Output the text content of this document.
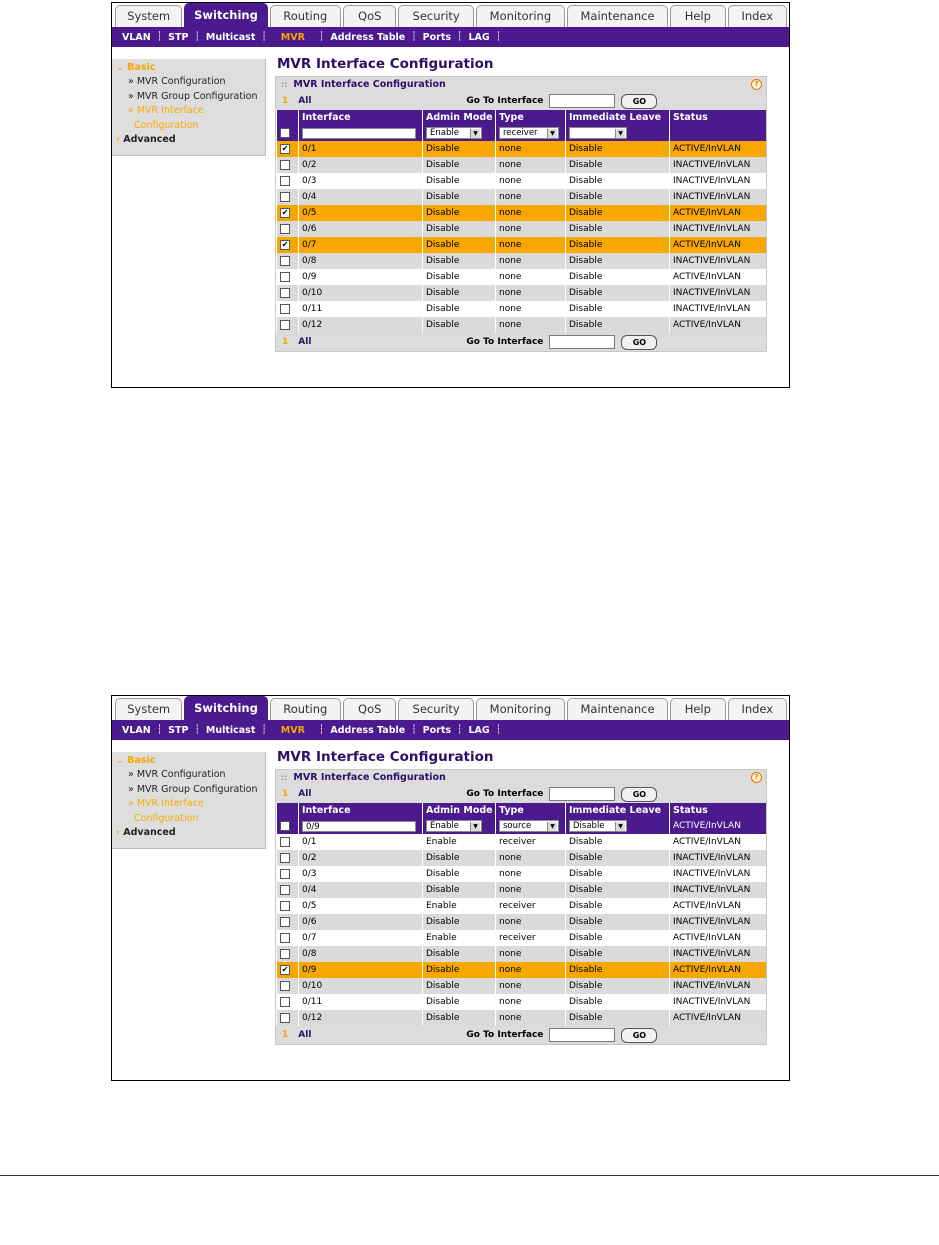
System	Switching	Routing	QoS	Security	Monitoring	Maintenance	Help	Index
VLAN ┆ STP ┆ Multicast ┆ MVR ┆ Address Table ┆ Ports ┆ LAG ┆
⌄ Basic
» MVR Configuration
» MVR Group Configuration
» MVR Interface
Configuration
› Advanced
MVR Interface Configuration
:: MVR Interface Configuration	?
1 All	Go To Interface	GO
	Interface	Admin Mode	Type	Immediate Leave	Status

		Enable ▼	receiver ▼	▼	

✔	0/1	Disable	none	Disable	ACTIVE/InVLAN
	0/2	Disable	none	Disable	INACTIVE/InVLAN
	0/3	Disable	none	Disable	INACTIVE/InVLAN
	0/4	Disable	none	Disable	INACTIVE/InVLAN
✔	0/5	Disable	none	Disable	ACTIVE/InVLAN
	0/6	Disable	none	Disable	INACTIVE/InVLAN
✔	0/7	Disable	none	Disable	ACTIVE/InVLAN
	0/8	Disable	none	Disable	INACTIVE/InVLAN
	0/9	Disable	none	Disable	ACTIVE/InVLAN
	0/10	Disable	none	Disable	INACTIVE/InVLAN
	0/11	Disable	none	Disable	INACTIVE/InVLAN
	0/12	Disable	none	Disable	ACTIVE/InVLAN
1 All	Go To Interface	GO
System	Switching	Routing	QoS	Security	Monitoring	Maintenance	Help	Index
VLAN ┆ STP ┆ Multicast ┆ MVR ┆ Address Table ┆ Ports ┆ LAG ┆
⌄ Basic
» MVR Configuration
» MVR Group Configuration
» MVR Interface
Configuration
› Advanced
MVR Interface Configuration
:: MVR Interface Configuration	?
1 All	Go To Interface	GO
	Interface	Admin Mode	Type	Immediate Leave	Status
	0/9	Enable ▼	source ▼	Disable ▼	ACTIVE/InVLAN
	0/1	Enable	receiver	Disable	ACTIVE/InVLAN
	0/2	Disable	none	Disable	INACTIVE/InVLAN
	0/3	Disable	none	Disable	INACTIVE/InVLAN
	0/4	Disable	none	Disable	INACTIVE/InVLAN
	0/5	Enable	receiver	Disable	ACTIVE/InVLAN
	0/6	Disable	none	Disable	INACTIVE/InVLAN
	0/7	Enable	receiver	Disable	ACTIVE/InVLAN
	0/8	Disable	none	Disable	INACTIVE/InVLAN
✔	0/9	Disable	none	Disable	ACTIVE/InVLAN
	0/10	Disable	none	Disable	INACTIVE/InVLAN
	0/11	Disable	none	Disable	INACTIVE/InVLAN
	0/12	Disable	none	Disable	ACTIVE/InVLAN
1 All	Go To Interface	GO
